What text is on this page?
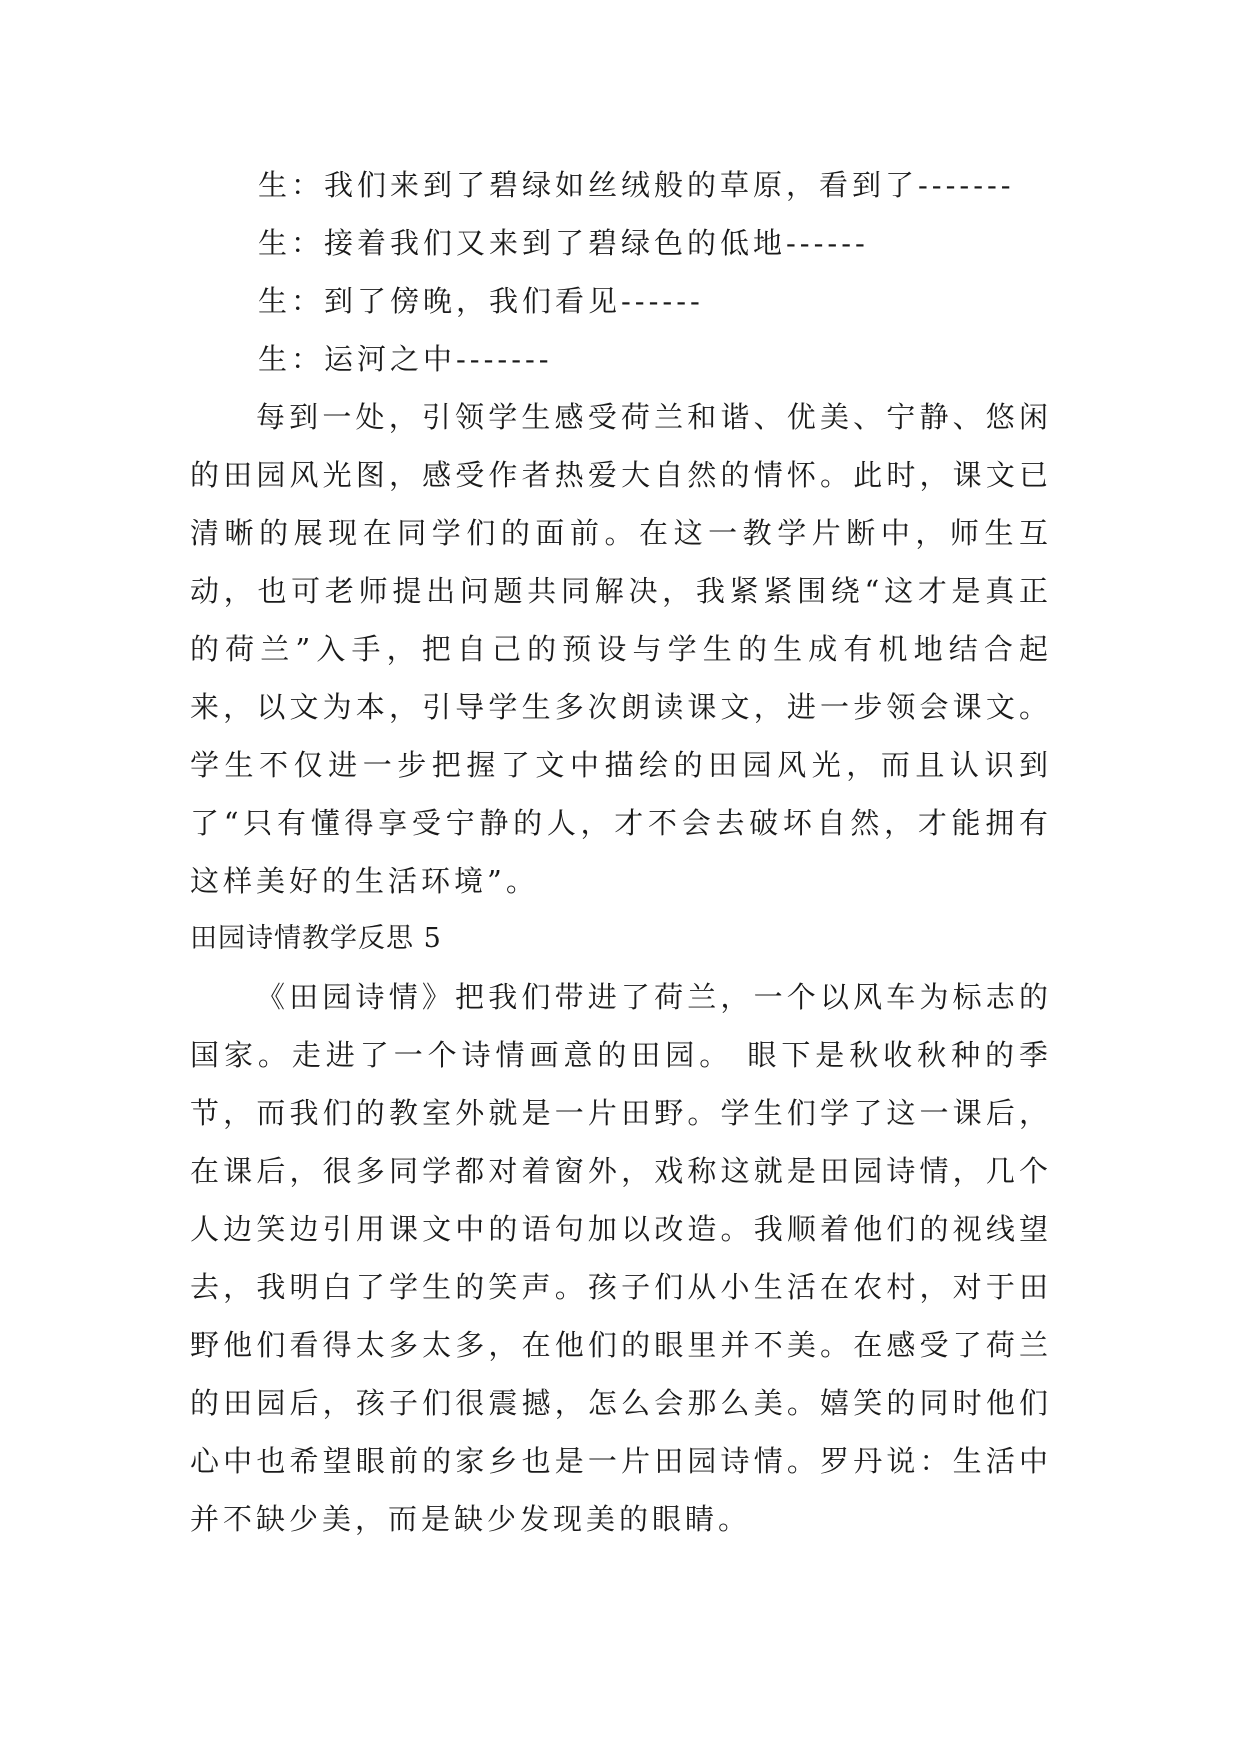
生：我们来到了碧绿如丝绒般的草原，看到了-------
生：接着我们又来到了碧绿色的低地------
生：到了傍晚，我们看见------
生：运河之中-------

每到一处，引领学生感受荷兰和谐、优美、宁静、悠闲的田园风光图，感受作者热爱大自然的情怀。此时，课文已清晰的展现在同学们的面前。在这一教学片断中，师生互动，也可老师提出问题共同解决，我紧紧围绕“这才是真正的荷兰”入手，把自己的预设与学生的生成有机地结合起来，以文为本，引导学生多次朗读课文，进一步领会课文。学生不仅进一步把握了文中描绘的田园风光，而且认识到了“只有懂得享受宁静的人，才不会去破坏自然，才能拥有这样美好的生活环境”。

田园诗情教学反思 5

《田园诗情》把我们带进了荷兰，一个以风车为标志的国家。走进了一个诗情画意的田园。 眼下是秋收秋种的季节，而我们的教室外就是一片田野。学生们学了这一课后，在课后，很多同学都对着窗外，戏称这就是田园诗情，几个人边笑边引用课文中的语句加以改造。我顺着他们的视线望去，我明白了学生的笑声。孩子们从小生活在农村，对于田野他们看得太多太多，在他们的眼里并不美。在感受了荷兰的田园后，孩子们很震撼，怎么会那么美。嬉笑的同时他们心中也希望眼前的家乡也是一片田园诗情。罗丹说：生活中并不缺少美，而是缺少发现美的眼睛。
